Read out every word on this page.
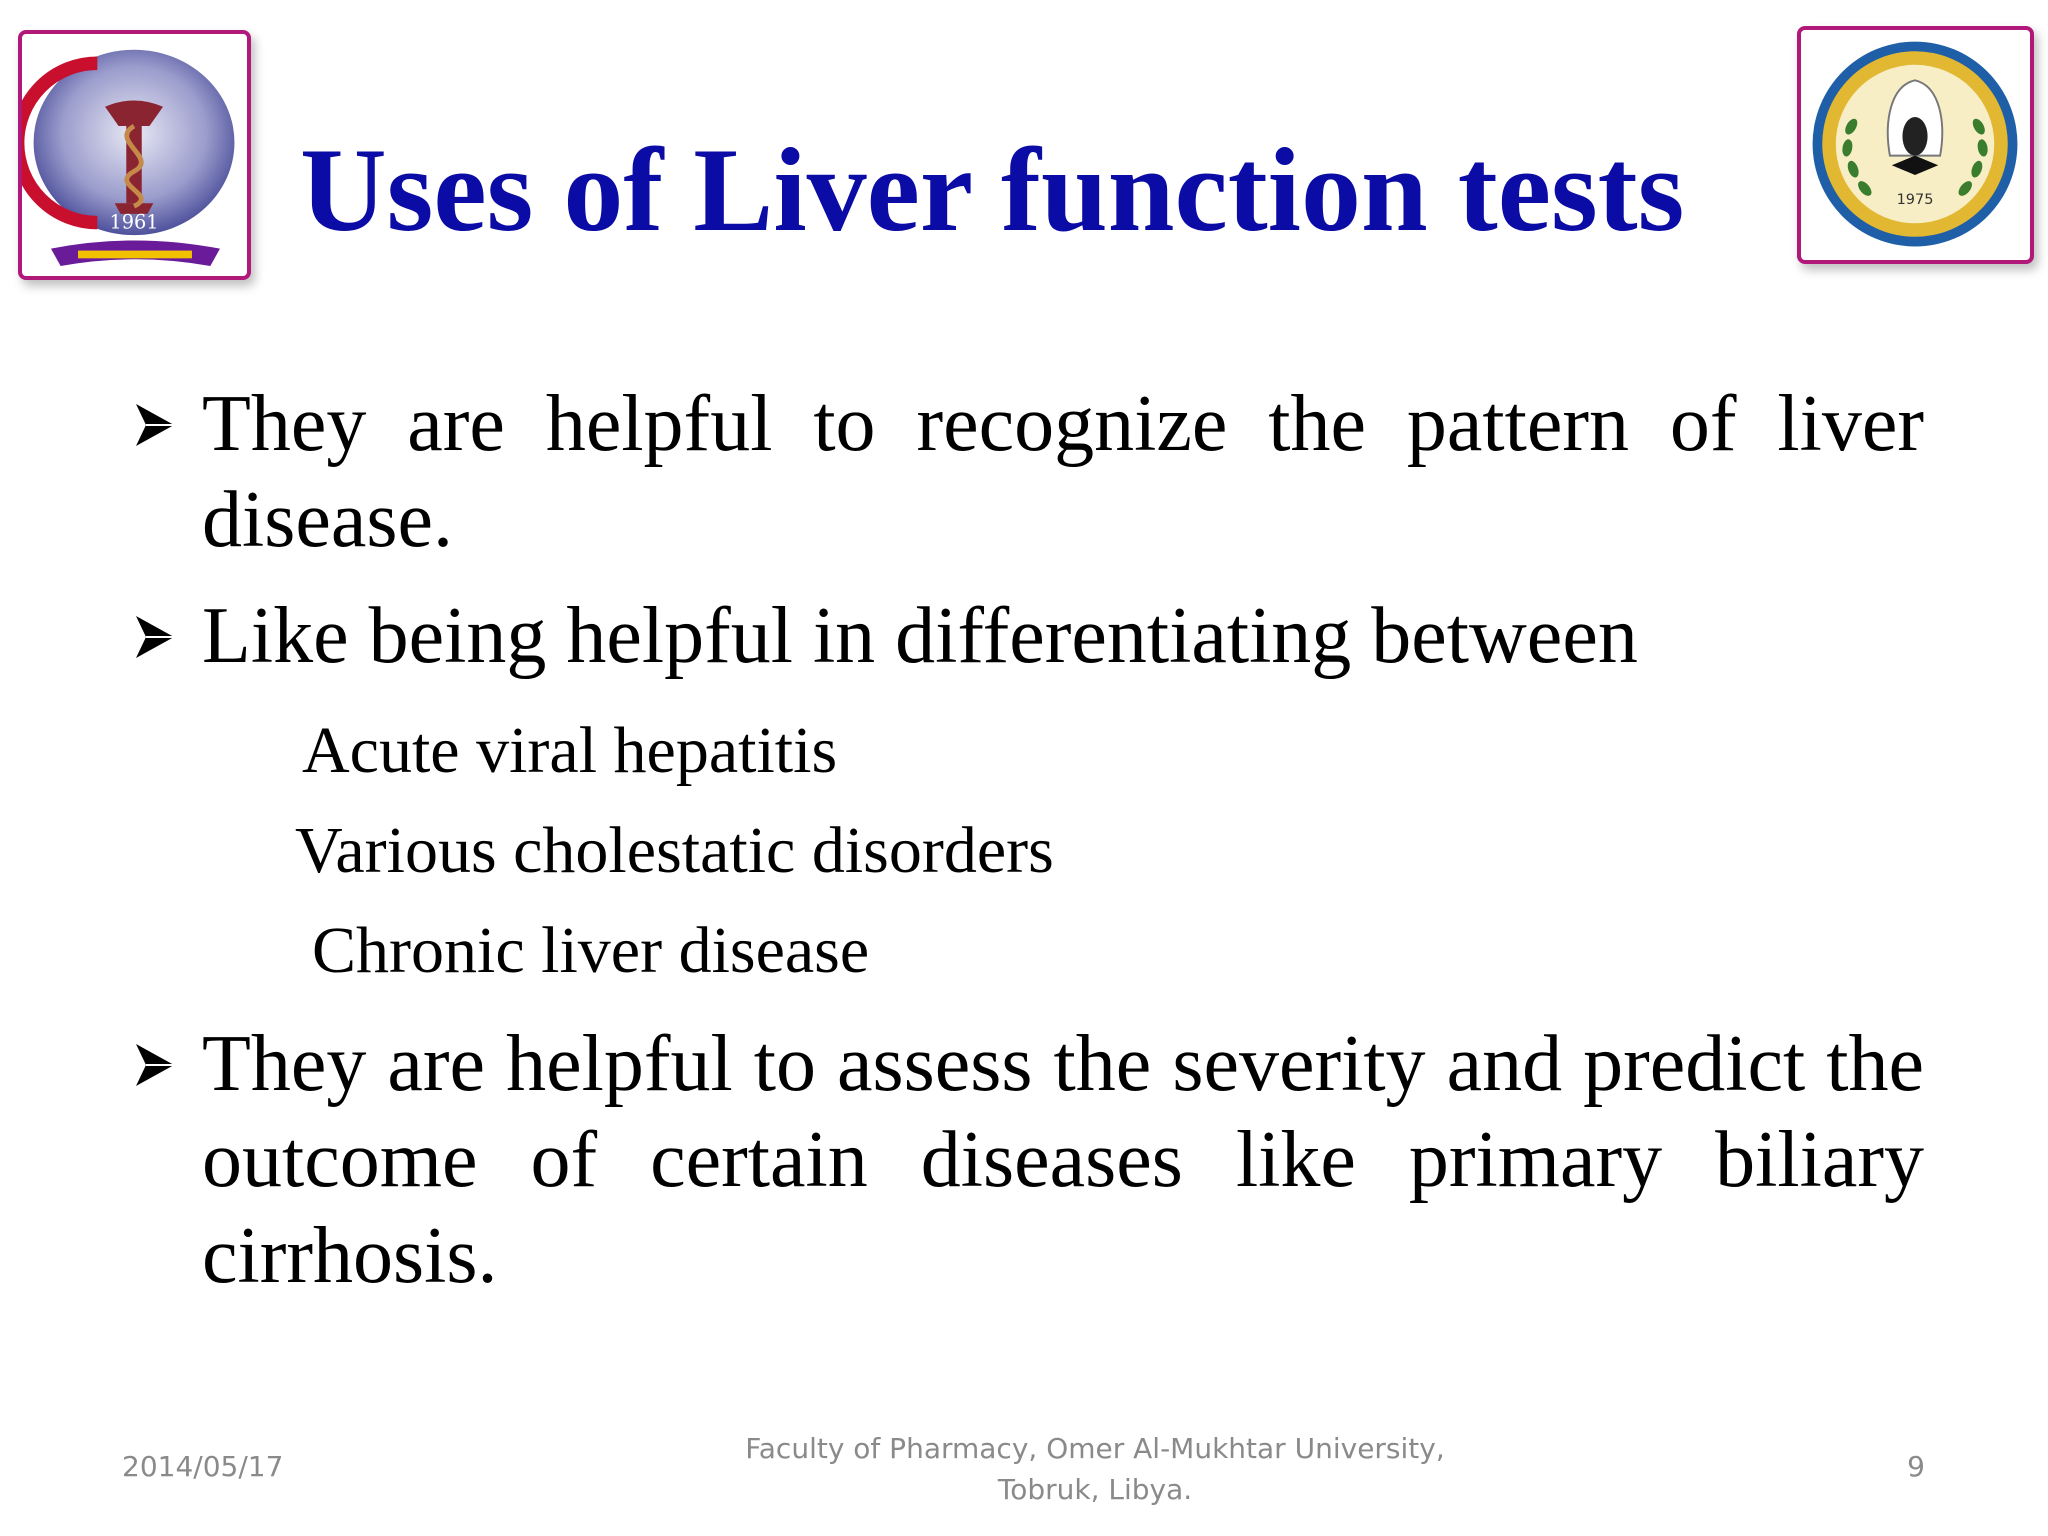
1961
1975
Uses of Liver function tests
They are helpful to recognize the pattern of liver disease.
Like being helpful in differentiating between
Acute viral hepatitis
Various cholestatic disorders
Chronic liver disease
They are helpful to assess the severity and predict the outcome of certain diseases like primary biliary cirrhosis.
2014/05/17
Faculty of Pharmacy, Omer Al-Mukhtar University,
Tobruk, Libya.
9
